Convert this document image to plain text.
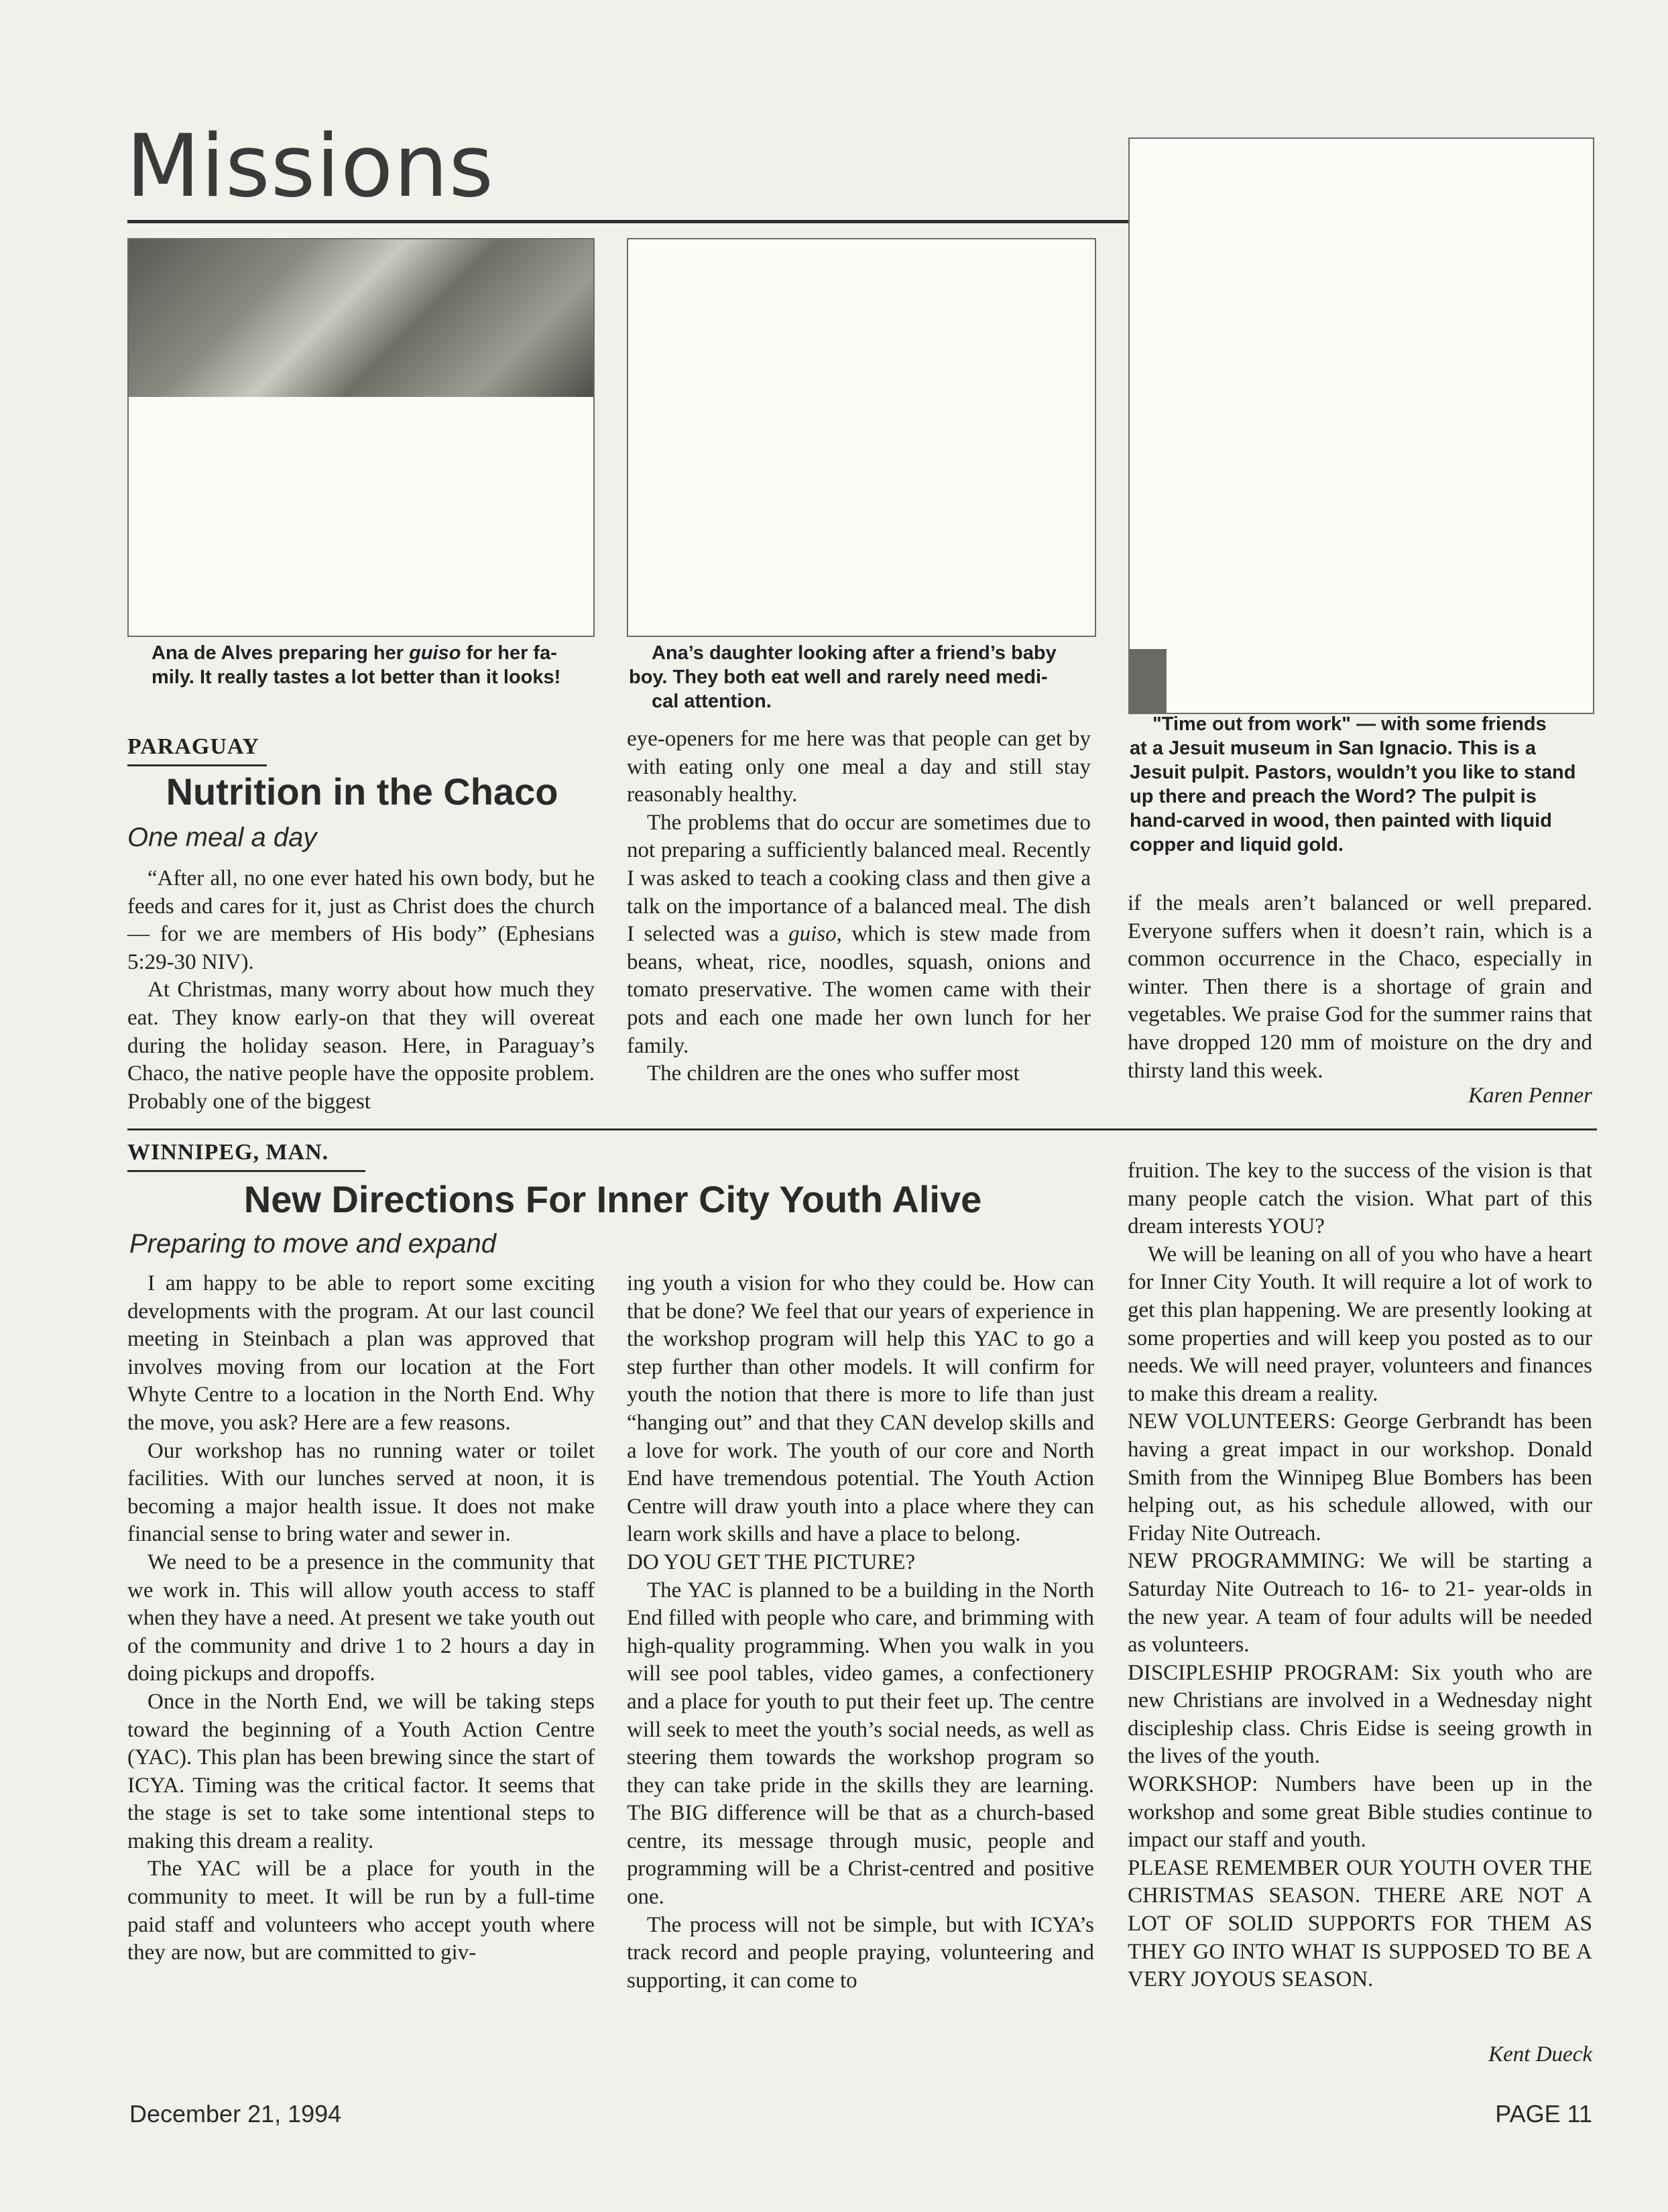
Missions
Ana de Alves preparing her guiso for her fa-
mily. It really tastes a lot better than it looks!
Ana’s daughter looking after a friend’s baby
boy. They both eat well and rarely need medi-
cal attention.
"Time out from work" — with some friends
at a Jesuit museum in San Ignacio. This is a
Jesuit pulpit. Pastors, wouldn’t you like to stand
up there and preach the Word? The pulpit is
hand-carved in wood, then painted with liquid
copper and liquid gold.
PARAGUAY
Nutrition in the Chaco
One meal a day

“After all, no one ever hated his own body, but he feeds and cares for it, just as Christ does the church — for we are members of His body” (Ephesians 5:29-30 NIV).

At Christmas, many worry about how much they eat. They know early-on that they will overeat during the holiday season. Here, in Paraguay’s Chaco, the native people have the opposite problem. Probably one of the biggest

eye-openers for me here was that people can get by with eating only one meal a day and still stay reasonably healthy.

The problems that do occur are sometimes due to not preparing a sufficiently balanced meal. Recently I was asked to teach a cooking class and then give a talk on the importance of a balanced meal. The dish I selected was a guiso, which is stew made from beans, wheat, rice, noodles, squash, onions and tomato preservative. The women came with their pots and each one made her own lunch for her family.

The children are the ones who suffer most

if the meals aren’t balanced or well prepared. Everyone suffers when it doesn’t rain, which is a common occurrence in the Chaco, especially in winter. Then there is a shortage of grain and vegetables. We praise God for the summer rains that have dropped 120 mm of moisture on the dry and thirsty land this week.

Karen Penner
WINNIPEG, MAN.
New Directions For Inner City Youth Alive
Preparing to move and expand

I am happy to be able to report some exciting developments with the program. At our last council meeting in Steinbach a plan was approved that involves moving from our location at the Fort Whyte Centre to a location in the North End. Why the move, you ask? Here are a few reasons.

Our workshop has no running water or toilet facilities. With our lunches served at noon, it is becoming a major health issue. It does not make financial sense to bring water and sewer in.

We need to be a presence in the community that we work in. This will allow youth access to staff when they have a need. At present we take youth out of the community and drive 1 to 2 hours a day in doing pickups and dropoffs.

Once in the North End, we will be taking steps toward the beginning of a Youth Action Centre (YAC). This plan has been brewing since the start of ICYA. Timing was the critical factor. It seems that the stage is set to take some intentional steps to making this dream a reality.

The YAC will be a place for youth in the community to meet. It will be run by a full-time paid staff and volunteers who accept youth where they are now, but are committed to giv-

ing youth a vision for who they could be. How can that be done? We feel that our years of experience in the workshop program will help this YAC to go a step further than other models. It will confirm for youth the notion that there is more to life than just “hanging out” and that they CAN develop skills and a love for work. The youth of our core and North End have tremendous potential. The Youth Action Centre will draw youth into a place where they can learn work skills and have a place to belong.

DO YOU GET THE PICTURE?

The YAC is planned to be a building in the North End filled with people who care, and brimming with high-quality programming. When you walk in you will see pool tables, video games, a confectionery and a place for youth to put their feet up. The centre will seek to meet the youth’s social needs, as well as steering them towards the workshop program so they can take pride in the skills they are learning. The BIG difference will be that as a church-based centre, its message through music, people and programming will be a Christ-centred and positive one.

The process will not be simple, but with ICYA’s track record and people praying, volunteering and supporting, it can come to

fruition. The key to the success of the vision is that many people catch the vision. What part of this dream interests YOU?

We will be leaning on all of you who have a heart for Inner City Youth. It will require a lot of work to get this plan happening. We are presently looking at some properties and will keep you posted as to our needs. We will need prayer, volunteers and finances to make this dream a reality.

NEW VOLUNTEERS: George Gerbrandt has been having a great impact in our workshop. Donald Smith from the Winnipeg Blue Bombers has been helping out, as his schedule allowed, with our Friday Nite Outreach.

NEW PROGRAMMING: We will be starting a Saturday Nite Outreach to 16- to 21- year-olds in the new year. A team of four adults will be needed as volunteers.

DISCIPLESHIP PROGRAM: Six youth who are new Christians are involved in a Wednesday night discipleship class. Chris Eidse is seeing growth in the lives of the youth.

WORKSHOP: Numbers have been up in the workshop and some great Bible studies continue to impact our staff and youth.

PLEASE REMEMBER OUR YOUTH OVER THE CHRISTMAS SEASON. THERE ARE NOT A LOT OF SOLID SUPPORTS FOR THEM AS THEY GO INTO WHAT IS SUPPOSED TO BE A VERY JOYOUS SEASON.

Kent Dueck
December 21, 1994	PAGE 11
